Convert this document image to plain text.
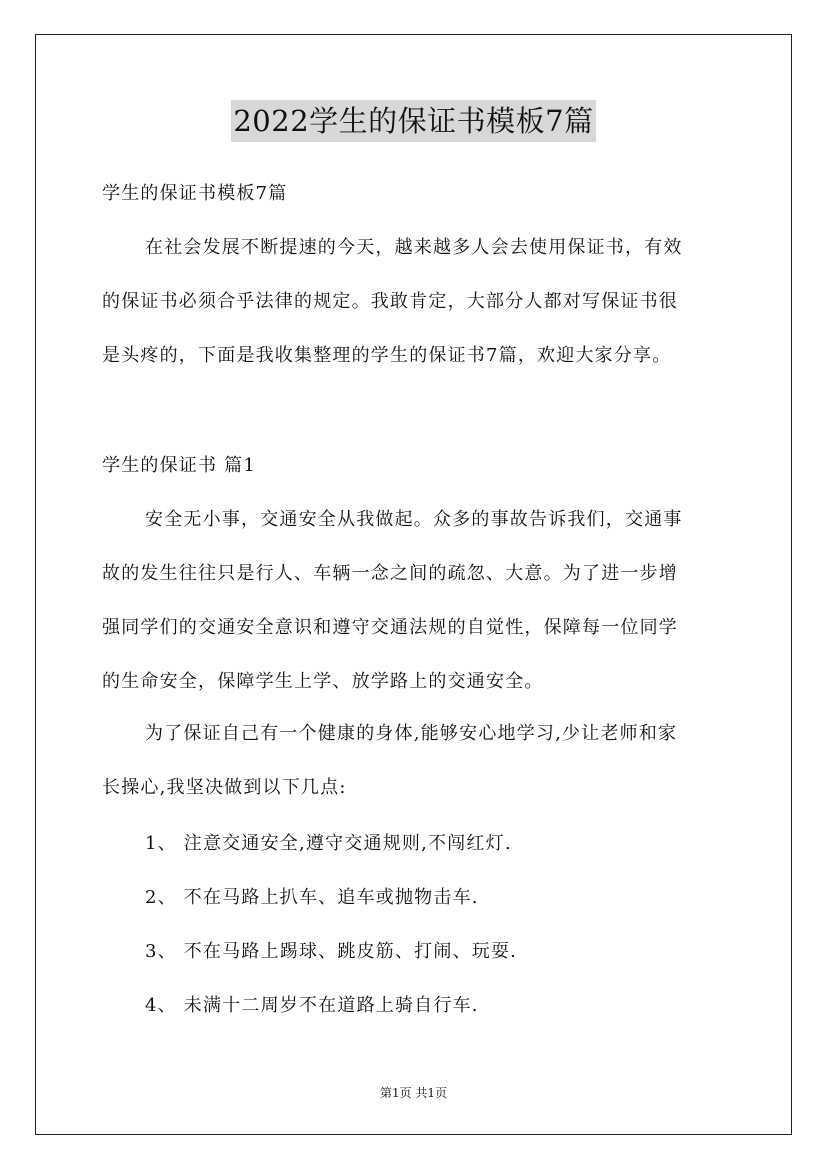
2022学生的保证书模板7篇
学生的保证书模板7篇
在社会发展不断提速的今天，越来越多人会去使用保证书，有效
的保证书必须合乎法律的规定。我敢肯定，大部分人都对写保证书很
是头疼的，下面是我收集整理的学生的保证书7篇，欢迎大家分享。
学生的保证书 篇1
安全无小事，交通安全从我做起。众多的事故告诉我们，交通事
故的发生往往只是行人、车辆一念之间的疏忽、大意。为了进一步增
强同学们的交通安全意识和遵守交通法规的自觉性，保障每一位同学
的生命安全，保障学生上学、放学路上的交通安全。
为了保证自己有一个健康的身体,能够安心地学习,少让老师和家
长操心,我坚决做到以下几点:
1、 注意交通安全,遵守交通规则,不闯红灯.
2、 不在马路上扒车、追车或抛物击车.
3、 不在马路上踢球、跳皮筋、打闹、玩耍.
4、 未满十二周岁不在道路上骑自行车.
第1页 共1页
